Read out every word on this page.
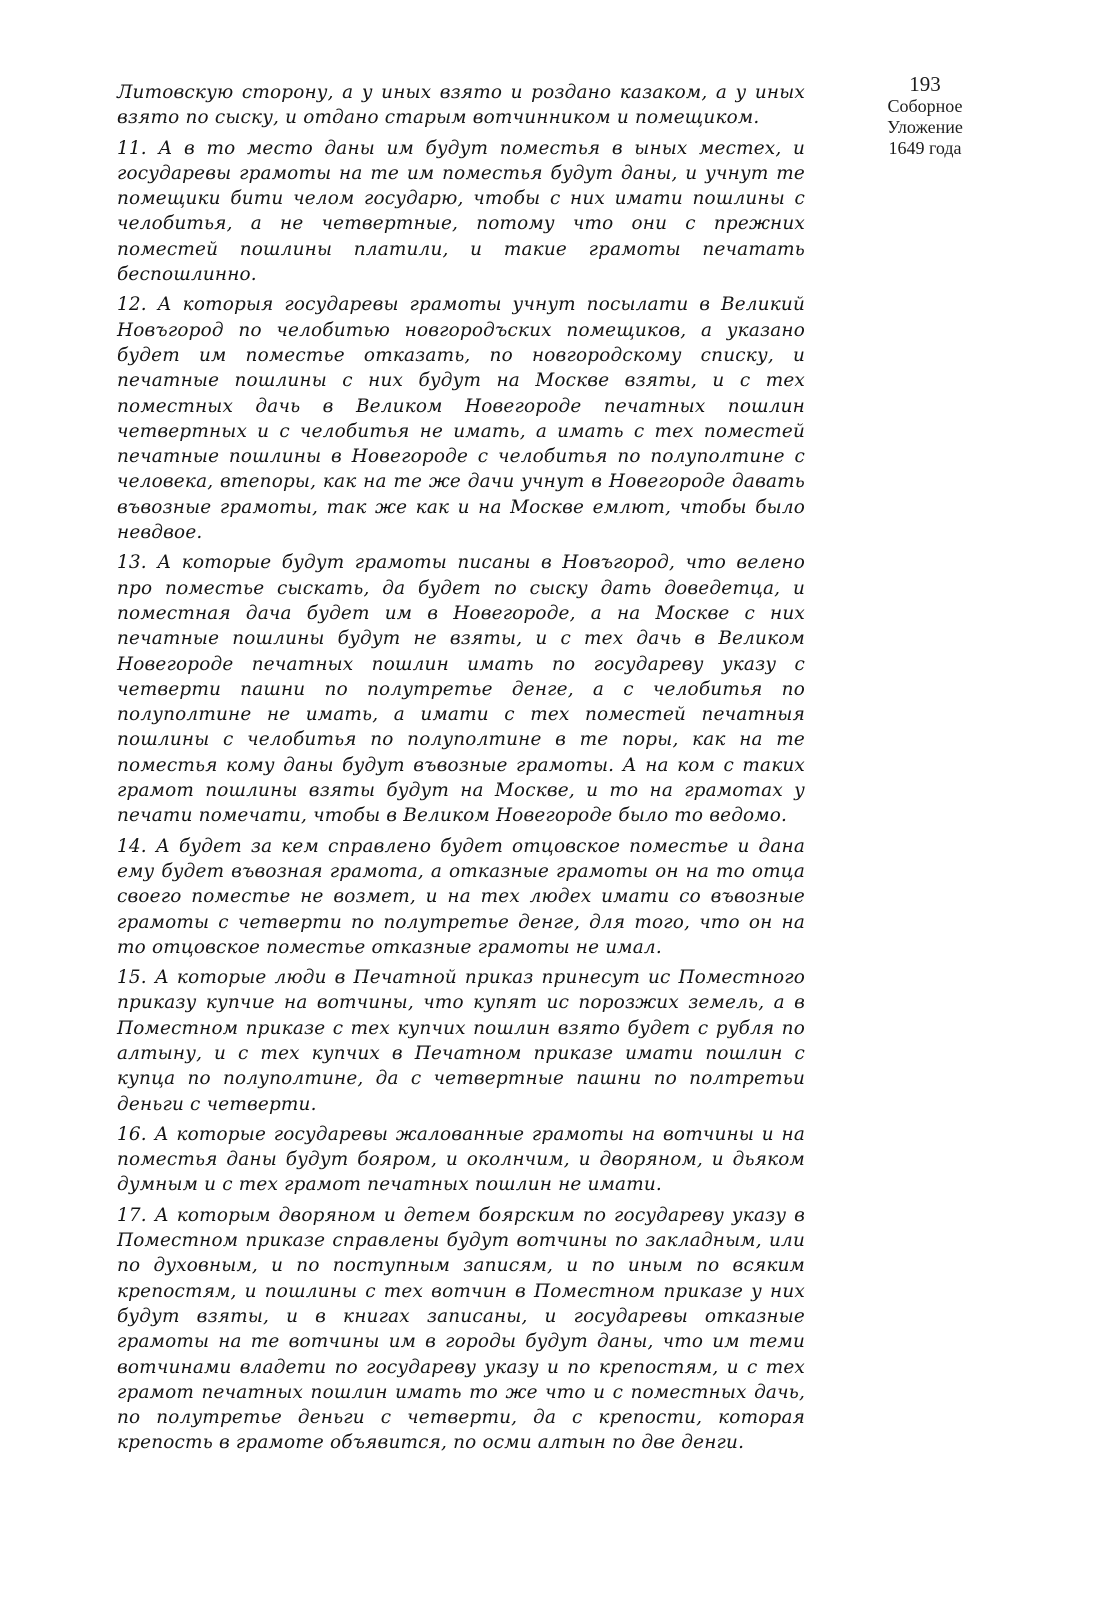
193
Соборное
Уложение
1649 года

Литовскую сторону, а у иных взято и роздано казаком, а у иных взято по сыску, и отдано старым вотчинником и помещиком.

11. А в то место даны им будут поместья в ыных местех, и государевы грамоты на те им поместья будут даны, и учнут те помещики бити челом государю, чтобы с них имати пошлины с челобитья, а не четвертные, потому что они с прежних поместей пошлины платили, и такие грамоты печатать беспошлинно.

12. А которыя государевы грамоты учнут посылати в Великий Новъгород по челобитью новгородъских помещиков, а указано будет им поместье отказать, по новгородскому списку, и печатные пошлины с них будут на Москве взяты, и с тех поместных дачь в Великом Новегороде печатных пошлин четвертных и с челобитья не имать, а имать с тех поместей печатные пошлины в Новегороде с челобитья по полуполтине с человека, втепоры, как на те же дачи учнут в Новегороде давать въвозные грамоты, так же как и на Москве емлют, чтобы было невдвое.

13. А которые будут грамоты писаны в Новъгород, что велено про поместье сыскать, да будет по сыску дать доведетца, и поместная дача будет им в Новегороде, а на Москве с них печатные пошлины будут не взяты, и с тех дачь в Великом Новегороде печатных пошлин имать по государеву указу с четверти пашни по полутретье денге, а с челобитья по полуполтине не имать, а имати с тех поместей печатныя пошлины с челобитья по полуполтине в те поры, как на те поместья кому даны будут въвозные грамоты. А на ком с таких грамот пошлины взяты будут на Москве, и то на грамотах у печати помечати, чтобы в Великом Новегороде было то ведомо.

14. А будет за кем справлено будет отцовское поместье и дана ему будет въвозная грамота, а отказные грамоты он на то отца своего поместье не возмет, и на тех людех имати со въвозные грамоты с четверти по полутретье денге, для того, что он на то отцовское поместье отказные грамоты не имал.

15. А которые люди в Печатной приказ принесут ис Поместного приказу купчие на вотчины, что купят ис порозжих земель, а в Поместном приказе с тех купчих пошлин взято будет с рубля по алтыну, и с тех купчих в Печатном приказе имати пошлин с купца по полуполтине, да с четвертные пашни по полтретьи деньги с четверти.

16. А которые государевы жалованные грамоты на вотчины и на поместья даны будут бояром, и околнчим, и дворяном, и дьяком думным и с тех грамот печатных пошлин не имати.

17. А которым дворяном и детем боярским по государеву указу в Поместном приказе справлены будут вотчины по закладным, или по духовным, и по поступным записям, и по иным по всяким крепостям, и пошлины с тех вотчин в Поместном приказе у них будут взяты, и в книгах записаны, и государевы отказные грамоты на те вотчины им в городы будут даны, что им теми вотчинами владети по государеву указу и по крепостям, и с тех грамот печатных пошлин имать то же что и с поместных дачь, по полутретье деньги с четверти, да с крепости, которая крепость в грамоте объявится, по осми алтын по две денги.
